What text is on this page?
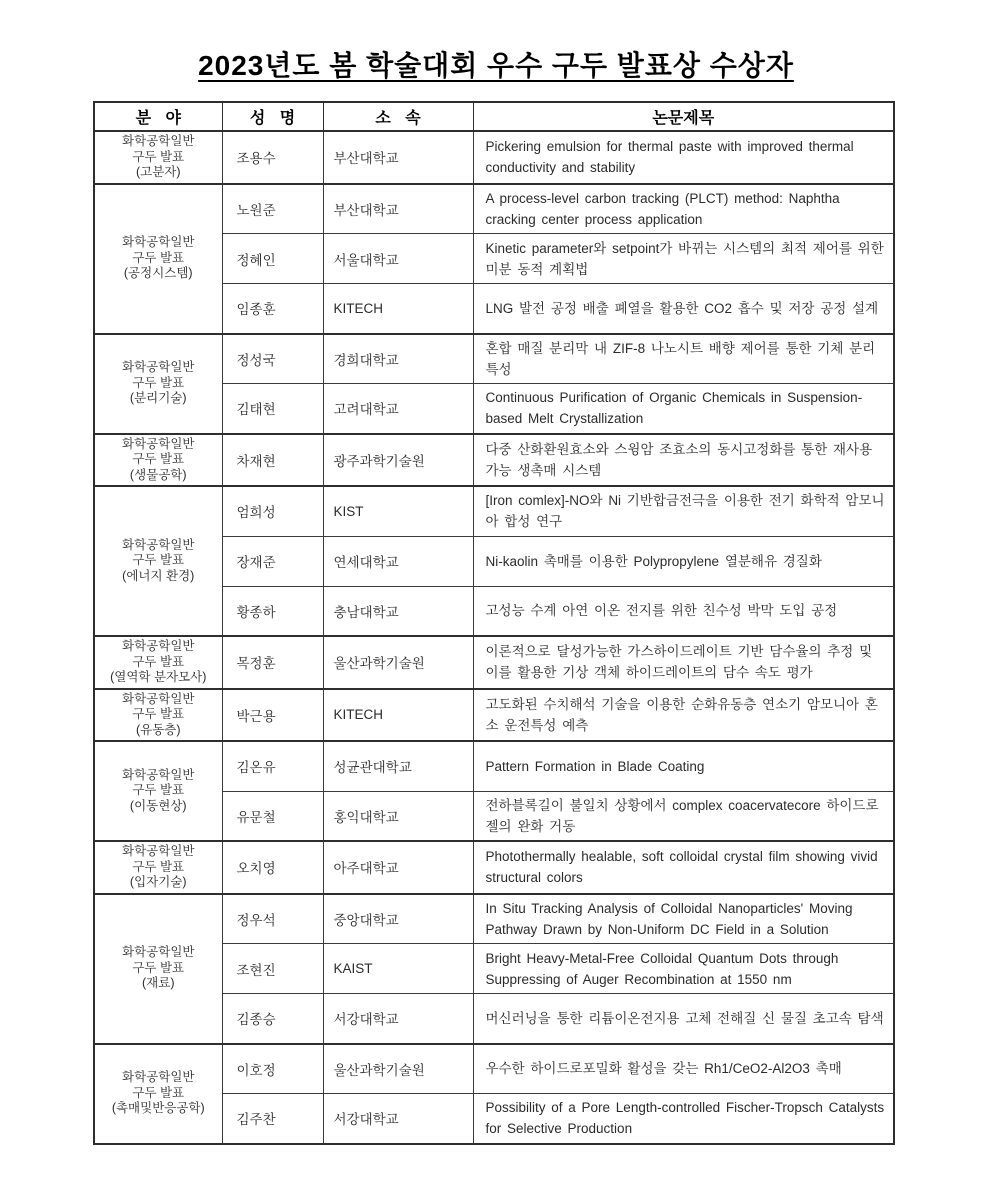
2023년도 봄 학술대회 우수 구두 발표상 수상자
분 야	성 명	소 속	논문제목

화학공학일반
구두 발표
(고분자)	조용수	부산대학교	Pickering emulsion for thermal paste with improved thermal conductivity and stability

화학공학일반
구두 발표
(공정시스템)	노원준	부산대학교	A process-level carbon tracking (PLCT) method: Naphtha cracking center process application
	정혜인	서울대학교	Kinetic parameter와 setpoint가 바뀌는 시스템의 최적 제어를 위한 미분 동적 계획법
	임종훈	KITECH	LNG 발전 공정 배출 폐열을 활용한 CO2 흡수 및 저장 공정 설계

화학공학일반
구두 발표
(분리기술)	정성국	경희대학교	혼합 매질 분리막 내 ZIF-8 나노시트 배향 제어를 통한 기체 분리 특성
	김태현	고려대학교	Continuous Purification of Organic Chemicals in Suspension-based Melt Crystallization

화학공학일반
구두 발표
(생물공학)	차재현	광주과학기술원	다중 산화환원효소와 스윙암 조효소의 동시고정화를 통한 재사용 가능 생촉매 시스템

화학공학일반
구두 발표
(에너지 환경)	엄희성	KIST	[Iron comlex]-NO와 Ni 기반합금전극을 이용한 전기 화학적 암모니아 합성 연구
	장재준	연세대학교	Ni-kaolin 촉매를 이용한 Polypropylene 열분해유 경질화
	황종하	충남대학교	고성능 수계 아연 이온 전지를 위한 친수성 박막 도입 공정

화학공학일반
구두 발표
(열역학 분자모사)	목정훈	울산과학기술원	이론적으로 달성가능한 가스하이드레이트 기반 담수율의 추정 및 이를 활용한 기상 객체 하이드레이트의 담수 속도 평가

화학공학일반
구두 발표
(유동층)	박근용	KITECH	고도화된 수치해석 기술을 이용한 순화유동층 연소기 암모니아 혼소 운전특성 예측

화학공학일반
구두 발표
(이동현상)	김온유	성균관대학교	Pattern Formation in Blade Coating
	유문철	홍익대학교	전하블록길이 불일치 상황에서 complex coacervatecore 하이드로젤의 완화 거동

화학공학일반
구두 발표
(입자기술)	오치영	아주대학교	Photothermally healable, soft colloidal crystal film showing vivid structural colors

화학공학일반
구두 발표
(재료)	정우석	중앙대학교	In Situ Tracking Analysis of Colloidal Nanoparticles' Moving Pathway Drawn by Non-Uniform DC Field in a Solution
	조현진	KAIST	Bright Heavy-Metal-Free Colloidal Quantum Dots through Suppressing of Auger Recombination at 1550 nm
	김종승	서강대학교	머신러닝을 통한 리튬이온전지용 고체 전해질 신 물질 초고속 탐색

화학공학일반
구두 발표
(촉매및반응공학)	이호정	울산과학기술원	우수한 하이드로포밀화 활성을 갖는 Rh1/CeO2-Al2O3 촉매
	김주찬	서강대학교	Possibility of a Pore Length-controlled Fischer-Tropsch Catalysts for Selective Production
